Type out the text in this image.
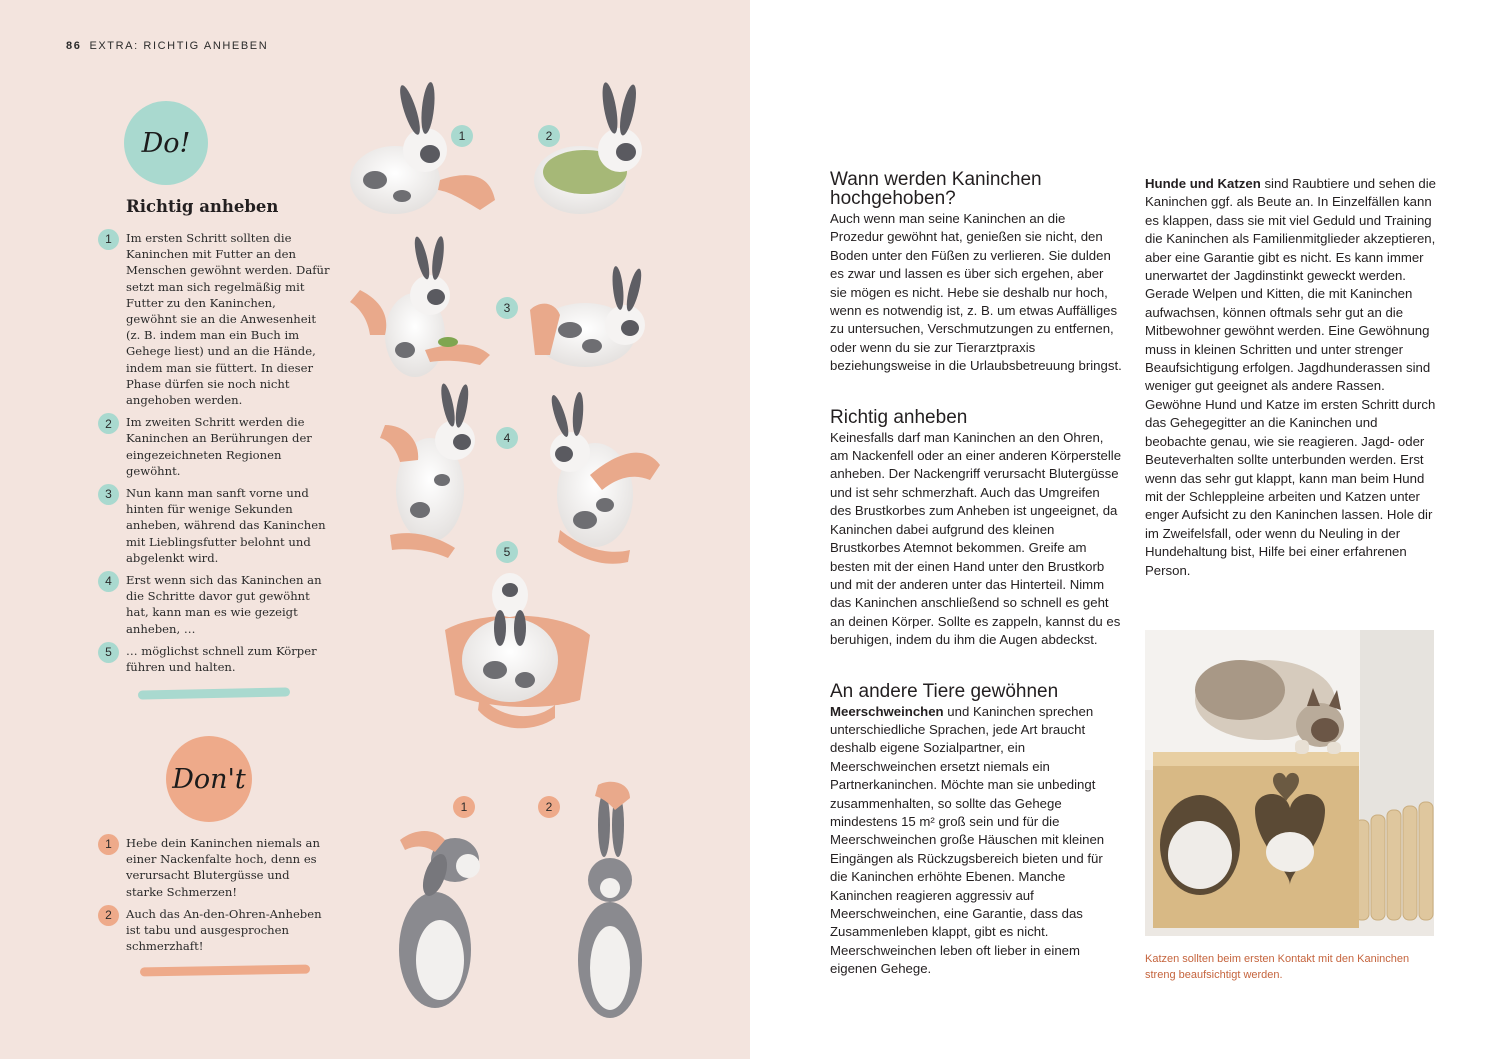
86 EXTRA: RICHTIG ANHEBEN
Do!
Richtig anheben
1	Im ersten Schritt sollten die Kaninchen mit Futter an den Menschen gewöhnt werden. Dafür setzt man sich regelmäßig mit Futter zu den Kaninchen, gewöhnt sie an die Anwesenheit (z. B. indem man ein Buch im Gehege liest) und an die Hände, indem man sie füttert. In dieser Phase dürfen sie noch nicht angehoben werden.
2	Im zweiten Schritt werden die Kaninchen an Berührungen der eingezeichneten Regionen gewöhnt.
3	Nun kann man sanft vorne und hinten für wenige Sekunden anheben, während das Kaninchen mit Lieblingsfutter belohnt und abgelenkt wird.
4	Erst wenn sich das Kaninchen an die Schritte davor gut gewöhnt hat, kann man es wie gezeigt anheben, …
5	… möglichst schnell zum Körper führen und halten.
Don't
1	Hebe dein Kaninchen niemals an einer Nackenfalte hoch, denn es verursacht Blutergüsse und starke Schmerzen!
2	Auch das An-den-Ohren-Anheben ist tabu und ausgesprochen schmerzhaft!
1	2
3
4
5
1	2
Wann werden Kaninchen hochgehoben?

Auch wenn man seine Kaninchen an die Prozedur gewöhnt hat, genießen sie nicht, den Boden unter den Füßen zu verlieren. Sie dulden es zwar und lassen es über sich ergehen, aber sie mögen es nicht. Hebe sie deshalb nur hoch, wenn es notwendig ist, z. B. um etwas Auffälliges zu untersuchen, Verschmutzungen zu entfernen, oder wenn du sie zur Tierarztpraxis beziehungsweise in die Urlaubsbetreuung bringst.

Richtig anheben

Keinesfalls darf man Kaninchen an den Ohren, am Nackenfell oder an einer anderen Körperstelle anheben. Der Nackengriff verursacht Blutergüsse und ist sehr schmerzhaft. Auch das Umgreifen des Brustkorbes zum Anheben ist ungeeignet, da Kaninchen dabei aufgrund des kleinen Brustkorbes Atemnot bekommen. Greife am besten mit der einen Hand unter den Brustkorb und mit der anderen unter das Hinterteil. Nimm das Kaninchen anschließend so schnell es geht an deinen Körper. Sollte es zappeln, kannst du es beruhigen, indem du ihm die Augen abdeckst.

An andere Tiere gewöhnen

Meerschweinchen und Kaninchen sprechen unterschiedliche Sprachen, jede Art braucht deshalb eigene Sozialpartner, ein Meerschweinchen ersetzt niemals ein Partnerkaninchen. Möchte man sie unbedingt zusammenhalten, so sollte das Gehege mindestens 15 m² groß sein und für die Meerschweinchen große Häuschen mit kleinen Eingängen als Rückzugsbereich bieten und für die Kaninchen erhöhte Ebenen. Manche Kaninchen reagieren aggressiv auf Meerschweinchen, eine Garantie, dass das Zusammenleben klappt, gibt es nicht. Meerschweinchen leben oft lieber in einem eigenen Gehege.

Hunde und Katzen sind Raubtiere und sehen die Kaninchen ggf. als Beute an. In Einzelfällen kann es klappen, dass sie mit viel Geduld und Training die Kaninchen als Familienmitglieder akzeptieren, aber eine Garantie gibt es nicht. Es kann immer unerwartet der Jagdinstinkt geweckt werden. Gerade Welpen und Kitten, die mit Kaninchen aufwachsen, können oftmals sehr gut an die Mitbewohner gewöhnt werden. Eine Gewöhnung muss in kleinen Schritten und unter strenger Beaufsichtigung erfolgen. Jagdhunderassen sind weniger gut geeignet als andere Rassen.

Gewöhne Hund und Katze im ersten Schritt durch das Gehegegitter an die Kaninchen und beobachte genau, wie sie reagieren. Jagd- oder Beuteverhalten sollte unterbunden werden. Erst wenn das sehr gut klappt, kann man beim Hund mit der Schleppleine arbeiten und Katzen unter enger Aufsicht zu den Kaninchen lassen. Hole dir im Zweifelsfall, oder wenn du Neuling in der Hundehaltung bist, Hilfe bei einer erfahrenen Person.

Katzen sollten beim ersten Kontakt mit den Kaninchen streng beaufsichtigt werden.
